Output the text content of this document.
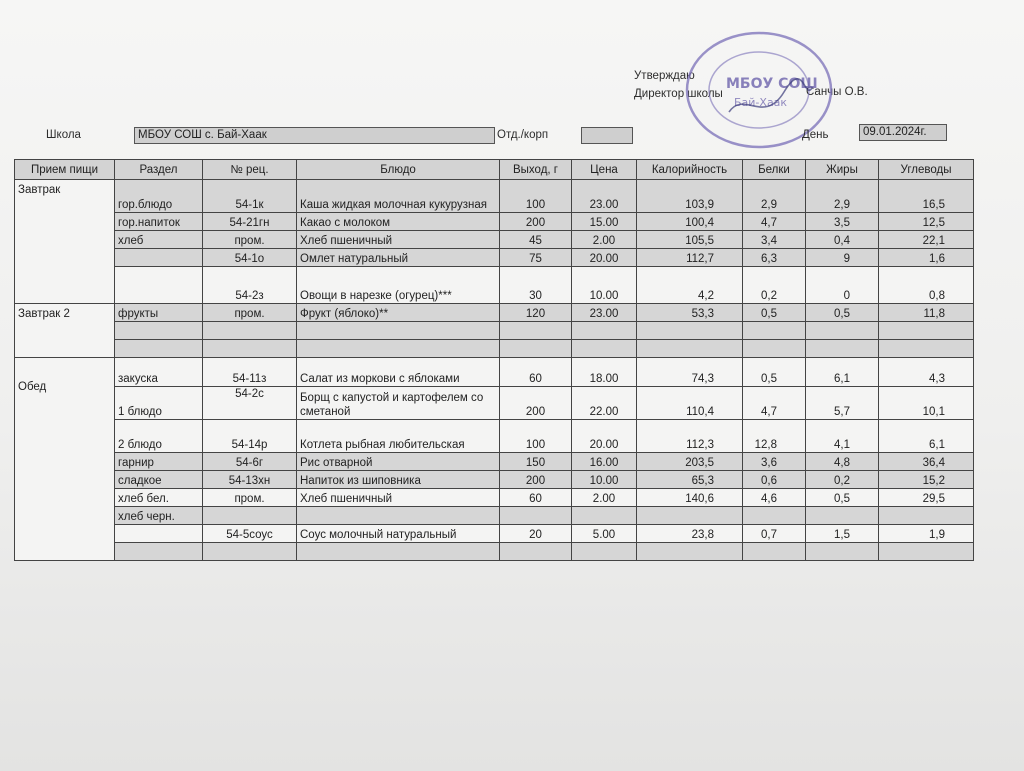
Утверждаю
Директор школы	Санчы О.В.
МБОУ СОШ
Бай-Хаак
Школа	МБОУ СОШ с. Бай-Хаак	Отд./корп	День	09.01.2024г.
Прием пищи	Раздел	№ рец.	Блюдо	Выход, г	Цена	Калорийность	Белки	Жиры	Углеводы
Завтрак	гор.блюдо	54-1к	Каша жидкая молочная кукурузная	100	23.00	103,9	2,9	2,9	16,5
	гор.напиток	54-21гн	Какао с молоком	200	15.00	100,4	4,7	3,5	12,5
	хлеб	пром.	Хлеб пшеничный	45	2.00	105,5	3,4	0,4	22,1
		54-1о	Омлет натуральный	75	20.00	112,7	6,3	9	1,6
		54-2з	Овощи в нарезке (огурец)***	30	10.00	4,2	0,2	0	0,8
Завтрак 2	фрукты	пром.	Фрукт (яблоко)**	120	23.00	53,3	0,5	0,5	11,8

Обед	закуска	54-11з	Салат из моркови с яблоками	60	18.00	74,3	0,5	6,1	4,3
	1 блюдо	54-2с	Борщ с капустой и картофелем со сметаной	200	22.00	110,4	4,7	5,7	10,1
	2 блюдо	54-14р	Котлета рыбная любительская	100	20.00	112,3	12,8	4,1	6,1
	гарнир	54-6г	Рис отварной	150	16.00	203,5	3,6	4,8	36,4
	сладкое	54-13хн	Напиток из шиповника	200	10.00	65,3	0,6	0,2	15,2
	хлеб бел.	пром.	Хлеб пшеничный	60	2.00	140,6	4,6	0,5	29,5
	хлеб черн.								
		54-5соус	Соус молочный натуральный	20	5.00	23,8	0,7	1,5	1,9
